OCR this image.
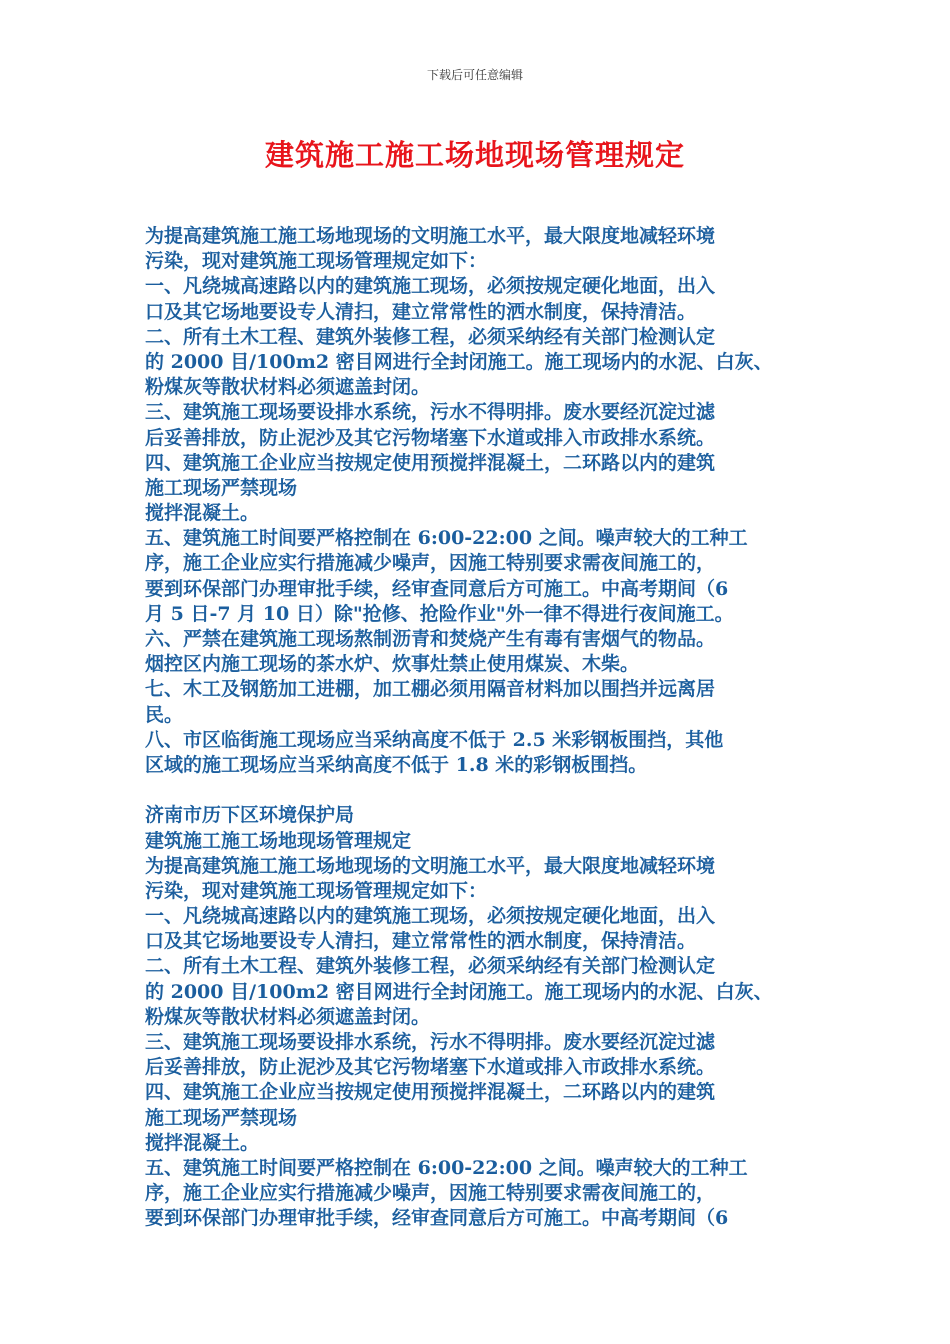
下载后可任意编辑
建筑施工施工场地现场管理规定
为提高建筑施工施工场地现场的文明施工水平，最大限度地减轻环境
污染，现对建筑施工现场管理规定如下：
一、凡绕城高速路以内的建筑施工现场，必须按规定硬化地面，出入
口及其它场地要设专人清扫，建立常常性的洒水制度，保持清洁。
二、所有土木工程、建筑外装修工程，必须采纳经有关部门检测认定
的 2000 目/100m2 密目网进行全封闭施工。施工现场内的水泥、白灰、
粉煤灰等散状材料必须遮盖封闭。
三、建筑施工现场要设排水系统，污水不得明排。废水要经沉淀过滤
后妥善排放，防止泥沙及其它污物堵塞下水道或排入市政排水系统。
四、建筑施工企业应当按规定使用预搅拌混凝土，二环路以内的建筑
施工现场严禁现场
搅拌混凝土。
五、建筑施工时间要严格控制在 6:00-22:00 之间。噪声较大的工种工
序，施工企业应实行措施减少噪声，因施工特别要求需夜间施工的，
要到环保部门办理审批手续，经审查同意后方可施工。中高考期间（6
月 5 日-7 月 10 日）除"抢修、抢险作业"外一律不得进行夜间施工。
六、严禁在建筑施工现场熬制沥青和焚烧产生有毒有害烟气的物品。
烟控区内施工现场的茶水炉、炊事灶禁止使用煤炭、木柴。
七、木工及钢筋加工进棚，加工棚必须用隔音材料加以围挡并远离居
民。
八、市区临街施工现场应当采纳高度不低于 2.5 米彩钢板围挡，其他
区域的施工现场应当采纳高度不低于 1.8 米的彩钢板围挡。
济南市历下区环境保护局
建筑施工施工场地现场管理规定
为提高建筑施工施工场地现场的文明施工水平，最大限度地减轻环境
污染，现对建筑施工现场管理规定如下：
一、凡绕城高速路以内的建筑施工现场，必须按规定硬化地面，出入
口及其它场地要设专人清扫，建立常常性的洒水制度，保持清洁。
二、所有土木工程、建筑外装修工程，必须采纳经有关部门检测认定
的 2000 目/100m2 密目网进行全封闭施工。施工现场内的水泥、白灰、
粉煤灰等散状材料必须遮盖封闭。
三、建筑施工现场要设排水系统，污水不得明排。废水要经沉淀过滤
后妥善排放，防止泥沙及其它污物堵塞下水道或排入市政排水系统。
四、建筑施工企业应当按规定使用预搅拌混凝土，二环路以内的建筑
施工现场严禁现场
搅拌混凝土。
五、建筑施工时间要严格控制在 6:00-22:00 之间。噪声较大的工种工
序，施工企业应实行措施减少噪声，因施工特别要求需夜间施工的，
要到环保部门办理审批手续，经审查同意后方可施工。中高考期间（6
